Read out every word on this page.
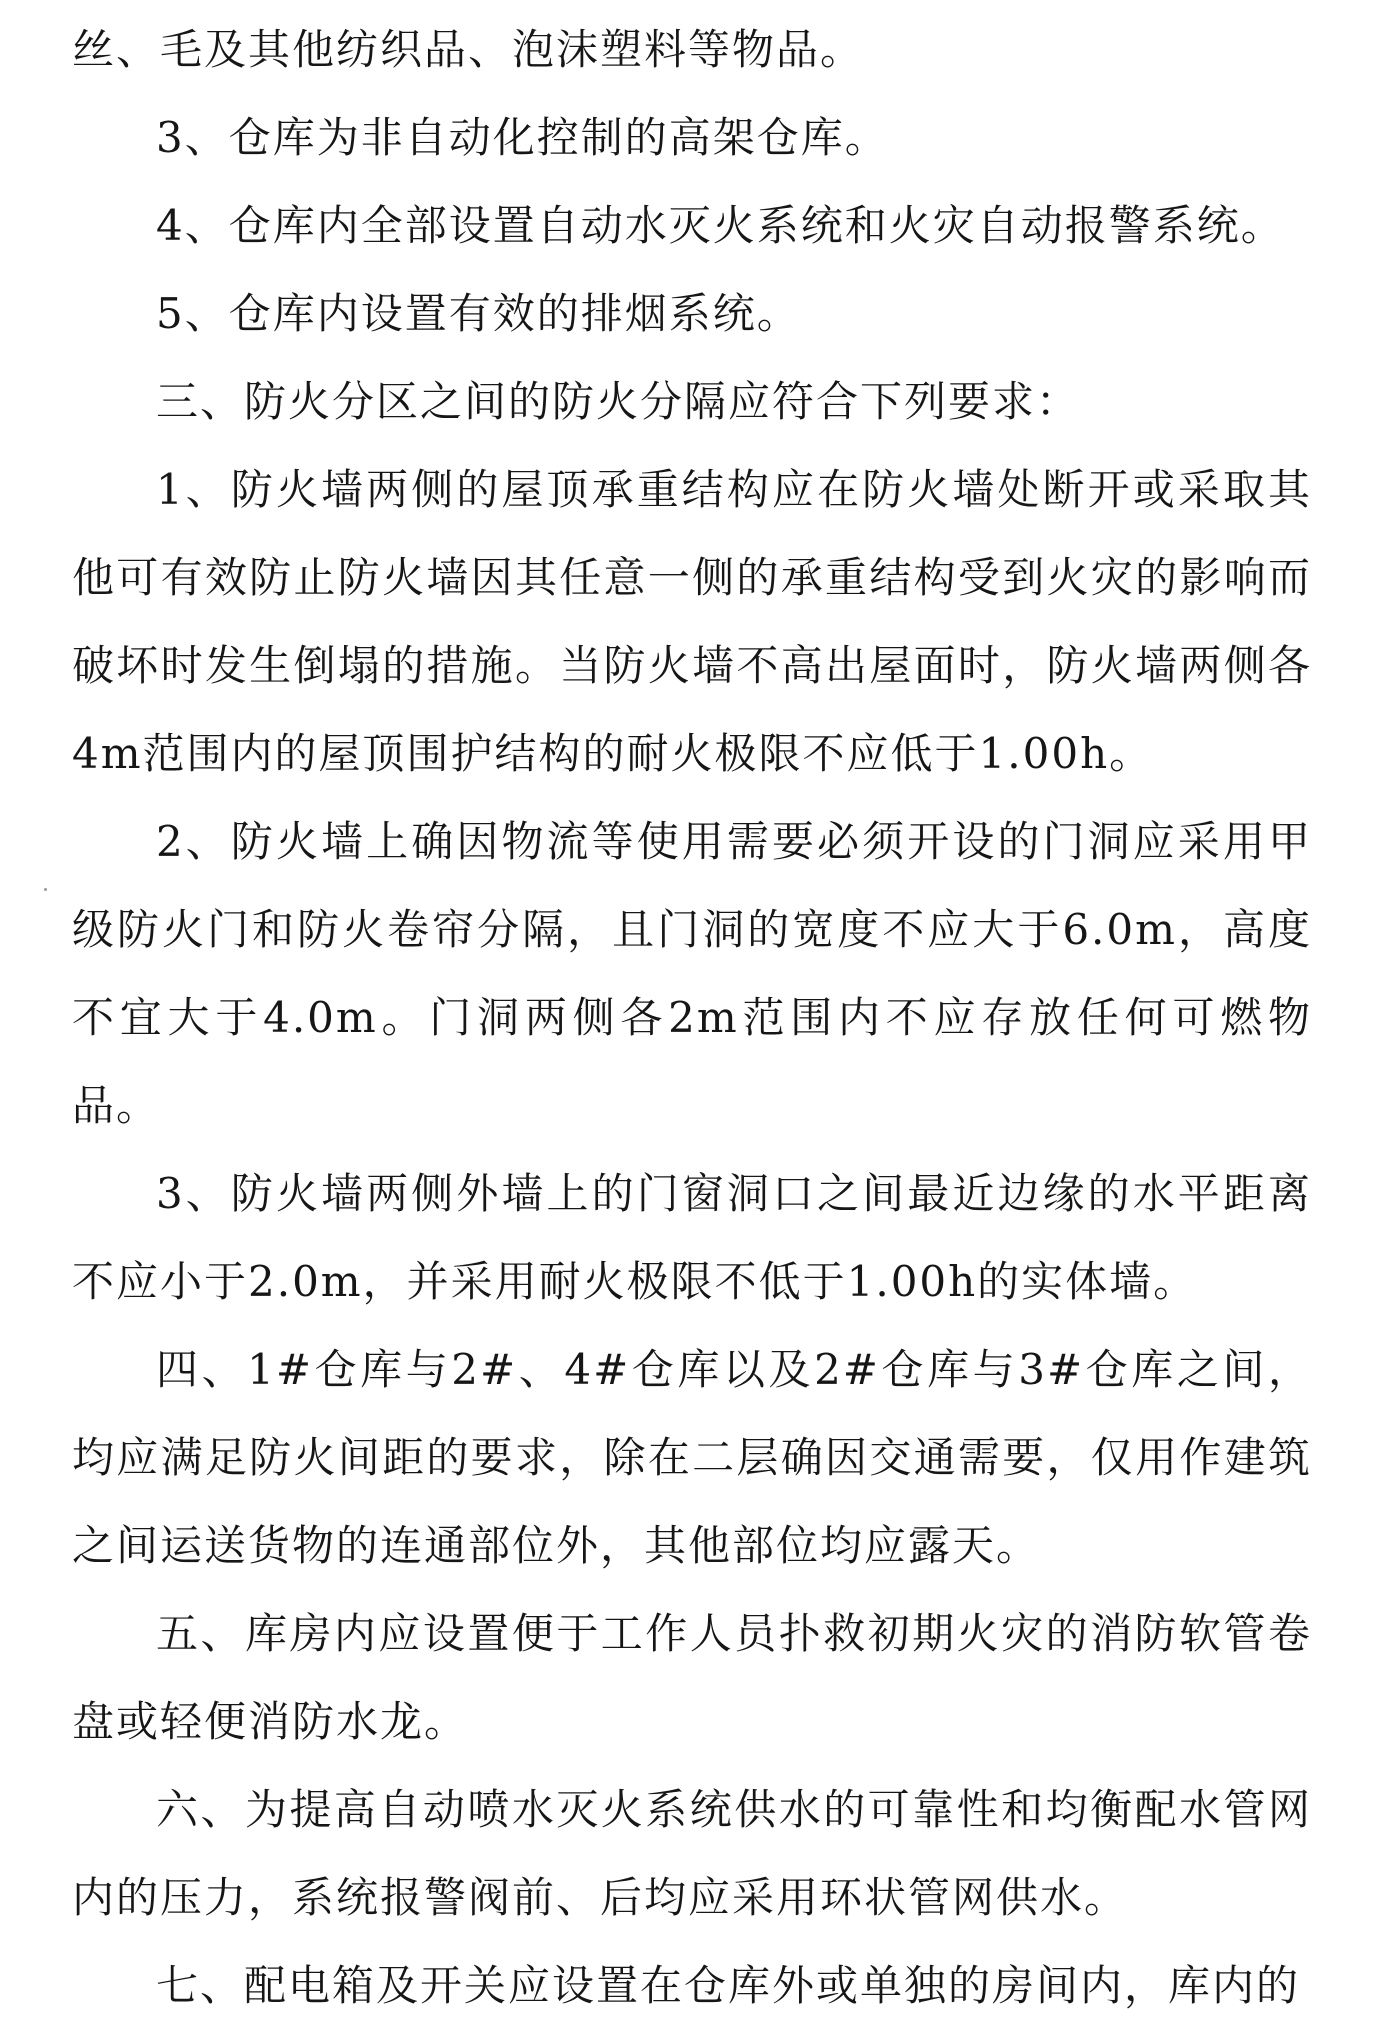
丝、毛及其他纺织品、泡沫塑料等物品。

3、仓库为非自动化控制的高架仓库。

4、仓库内全部设置自动水灭火系统和火灾自动报警系统。

5、仓库内设置有效的排烟系统。

三、防火分区之间的防火分隔应符合下列要求：

1、防火墙两侧的屋顶承重结构应在防火墙处断开或采取其他可有效防止防火墙因其任意一侧的承重结构受到火灾的影响而破坏时发生倒塌的措施。当防火墙不高出屋面时，防火墙两侧各4m范围内的屋顶围护结构的耐火极限不应低于1.00h。

2、防火墙上确因物流等使用需要必须开设的门洞应采用甲级防火门和防火卷帘分隔，且门洞的宽度不应大于6.0m，高度不宜大于4.0m。门洞两侧各2m范围内不应存放任何可燃物品。

3、防火墙两侧外墙上的门窗洞口之间最近边缘的水平距离不应小于2.0m，并采用耐火极限不低于1.00h的实体墙。

四、1#仓库与2#、4#仓库以及2#仓库与3#仓库之间，均应满足防火间距的要求，除在二层确因交通需要，仅用作建筑之间运送货物的连通部位外，其他部位均应露天。

五、库房内应设置便于工作人员扑救初期火灾的消防软管卷盘或轻便消防水龙。

六、为提高自动喷水灭火系统供水的可靠性和均衡配水管网内的压力，系统报警阀前、后均应采用环状管网供水。

七、配电箱及开关应设置在仓库外或单独的房间内，库内的
